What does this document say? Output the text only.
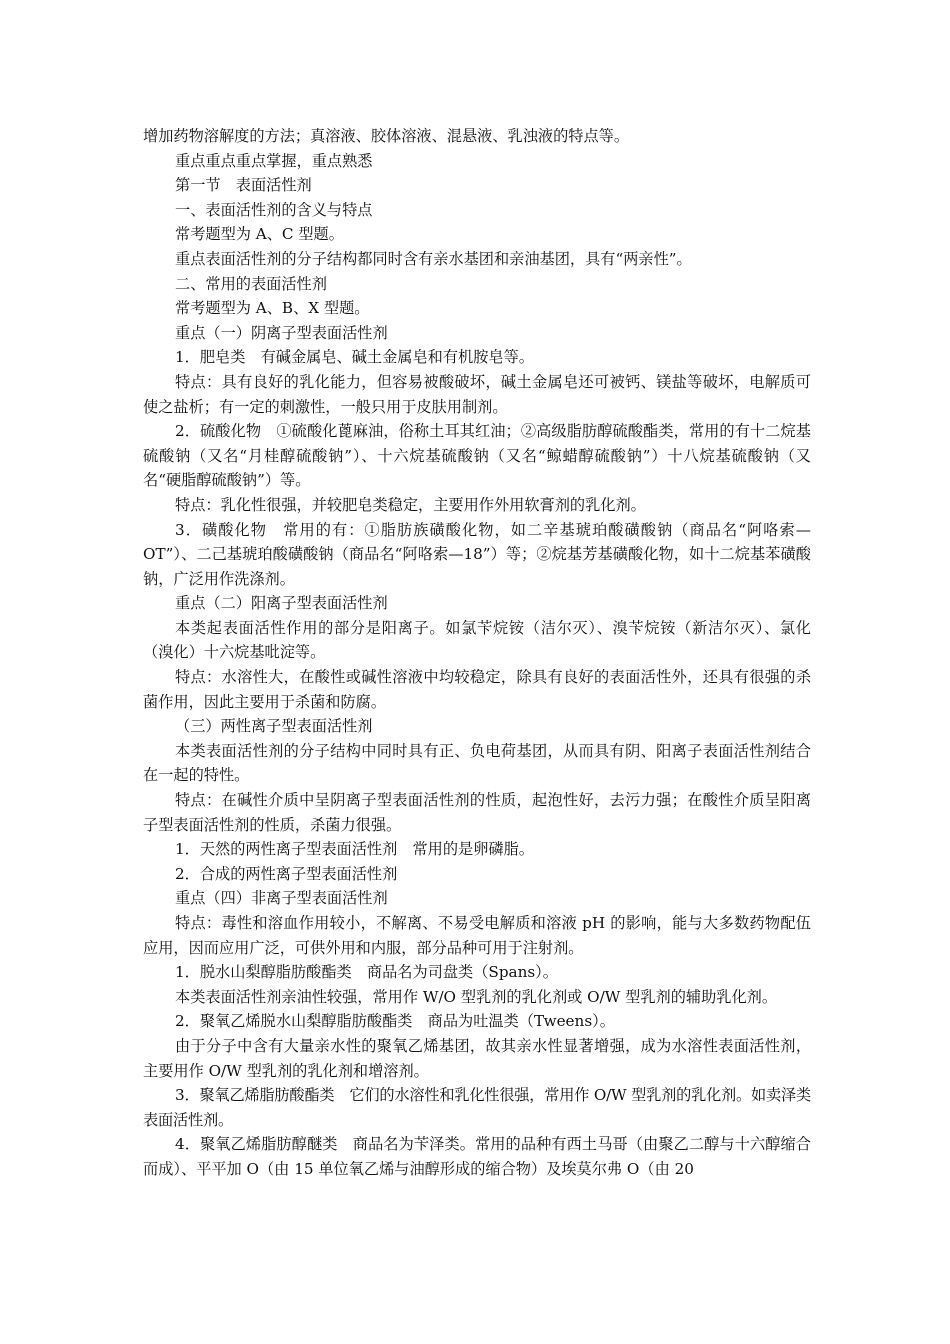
增加药物溶解度的方法；真溶液、胶体溶液、混悬液、乳浊液的特点等。

重点重点重点掌握，重点熟悉

第一节　表面活性剂

一、表面活性剂的含义与特点

常考题型为 A、C 型题。

重点表面活性剂的分子结构都同时含有亲水基团和亲油基团，具有“两亲性”。

二、常用的表面活性剂

常考题型为 A、B、X 型题。

重点（一）阴离子型表面活性剂

1．肥皂类　有碱金属皂、碱土金属皂和有机胺皂等。

特点：具有良好的乳化能力，但容易被酸破坏，碱土金属皂还可被钙、镁盐等破坏，电解质可使之盐析；有一定的刺激性，一般只用于皮肤用制剂。

2．硫酸化物　①硫酸化蓖麻油，俗称土耳其红油；②高级脂肪醇硫酸酯类，常用的有十二烷基硫酸钠（又名“月桂醇硫酸钠”）、十六烷基硫酸钠（又名“鲸蜡醇硫酸钠”）十八烷基硫酸钠（又名“硬脂醇硫酸钠”）等。

特点：乳化性很强，并较肥皂类稳定，主要用作外用软膏剂的乳化剂。

3．磺酸化物　常用的有：①脂肪族磺酸化物，如二辛基琥珀酸磺酸钠（商品名“阿咯索—OT”）、二己基琥珀酸磺酸钠（商品名“阿咯索—18”）等；②烷基芳基磺酸化物，如十二烷基苯磺酸钠，广泛用作洗涤剂。

重点（二）阳离子型表面活性剂

本类起表面活性作用的部分是阳离子。如氯苄烷铵（洁尔灭）、溴苄烷铵（新洁尔灭）、氯化（溴化）十六烷基吡淀等。

特点：水溶性大，在酸性或碱性溶液中均较稳定，除具有良好的表面活性外，还具有很强的杀菌作用，因此主要用于杀菌和防腐。

（三）两性离子型表面活性剂

本类表面活性剂的分子结构中同时具有正、负电荷基团，从而具有阴、阳离子表面活性剂结合在一起的特性。

特点：在碱性介质中呈阴离子型表面活性剂的性质，起泡性好，去污力强；在酸性介质呈阳离子型表面活性剂的性质，杀菌力很强。

1．天然的两性离子型表面活性剂　常用的是卵磷脂。

2．合成的两性离子型表面活性剂

重点（四）非离子型表面活性剂

特点：毒性和溶血作用较小，不解离、不易受电解质和溶液 pH 的影响，能与大多数药物配伍应用，因而应用广泛，可供外用和内服，部分品种可用于注射剂。

1．脱水山梨醇脂肪酸酯类　商品名为司盘类（Spans）。

本类表面活性剂亲油性较强，常用作 W/O 型乳剂的乳化剂或 O/W 型乳剂的辅助乳化剂。

2．聚氧乙烯脱水山梨醇脂肪酸酯类　商品为吐温类（Tweens）。

由于分子中含有大量亲水性的聚氧乙烯基团，故其亲水性显著增强，成为水溶性表面活性剂，主要用作 O/W 型乳剂的乳化剂和增溶剂。

3．聚氧乙烯脂肪酸酯类　它们的水溶性和乳化性很强，常用作 O/W 型乳剂的乳化剂。如卖泽类表面活性剂。

4．聚氧乙烯脂肪醇醚类　商品名为苄泽类。常用的品种有西土马哥（由聚乙二醇与十六醇缩合而成）、平平加 O（由 15 单位氧乙烯与油醇形成的缩合物）及埃莫尔弗 O（由 20
